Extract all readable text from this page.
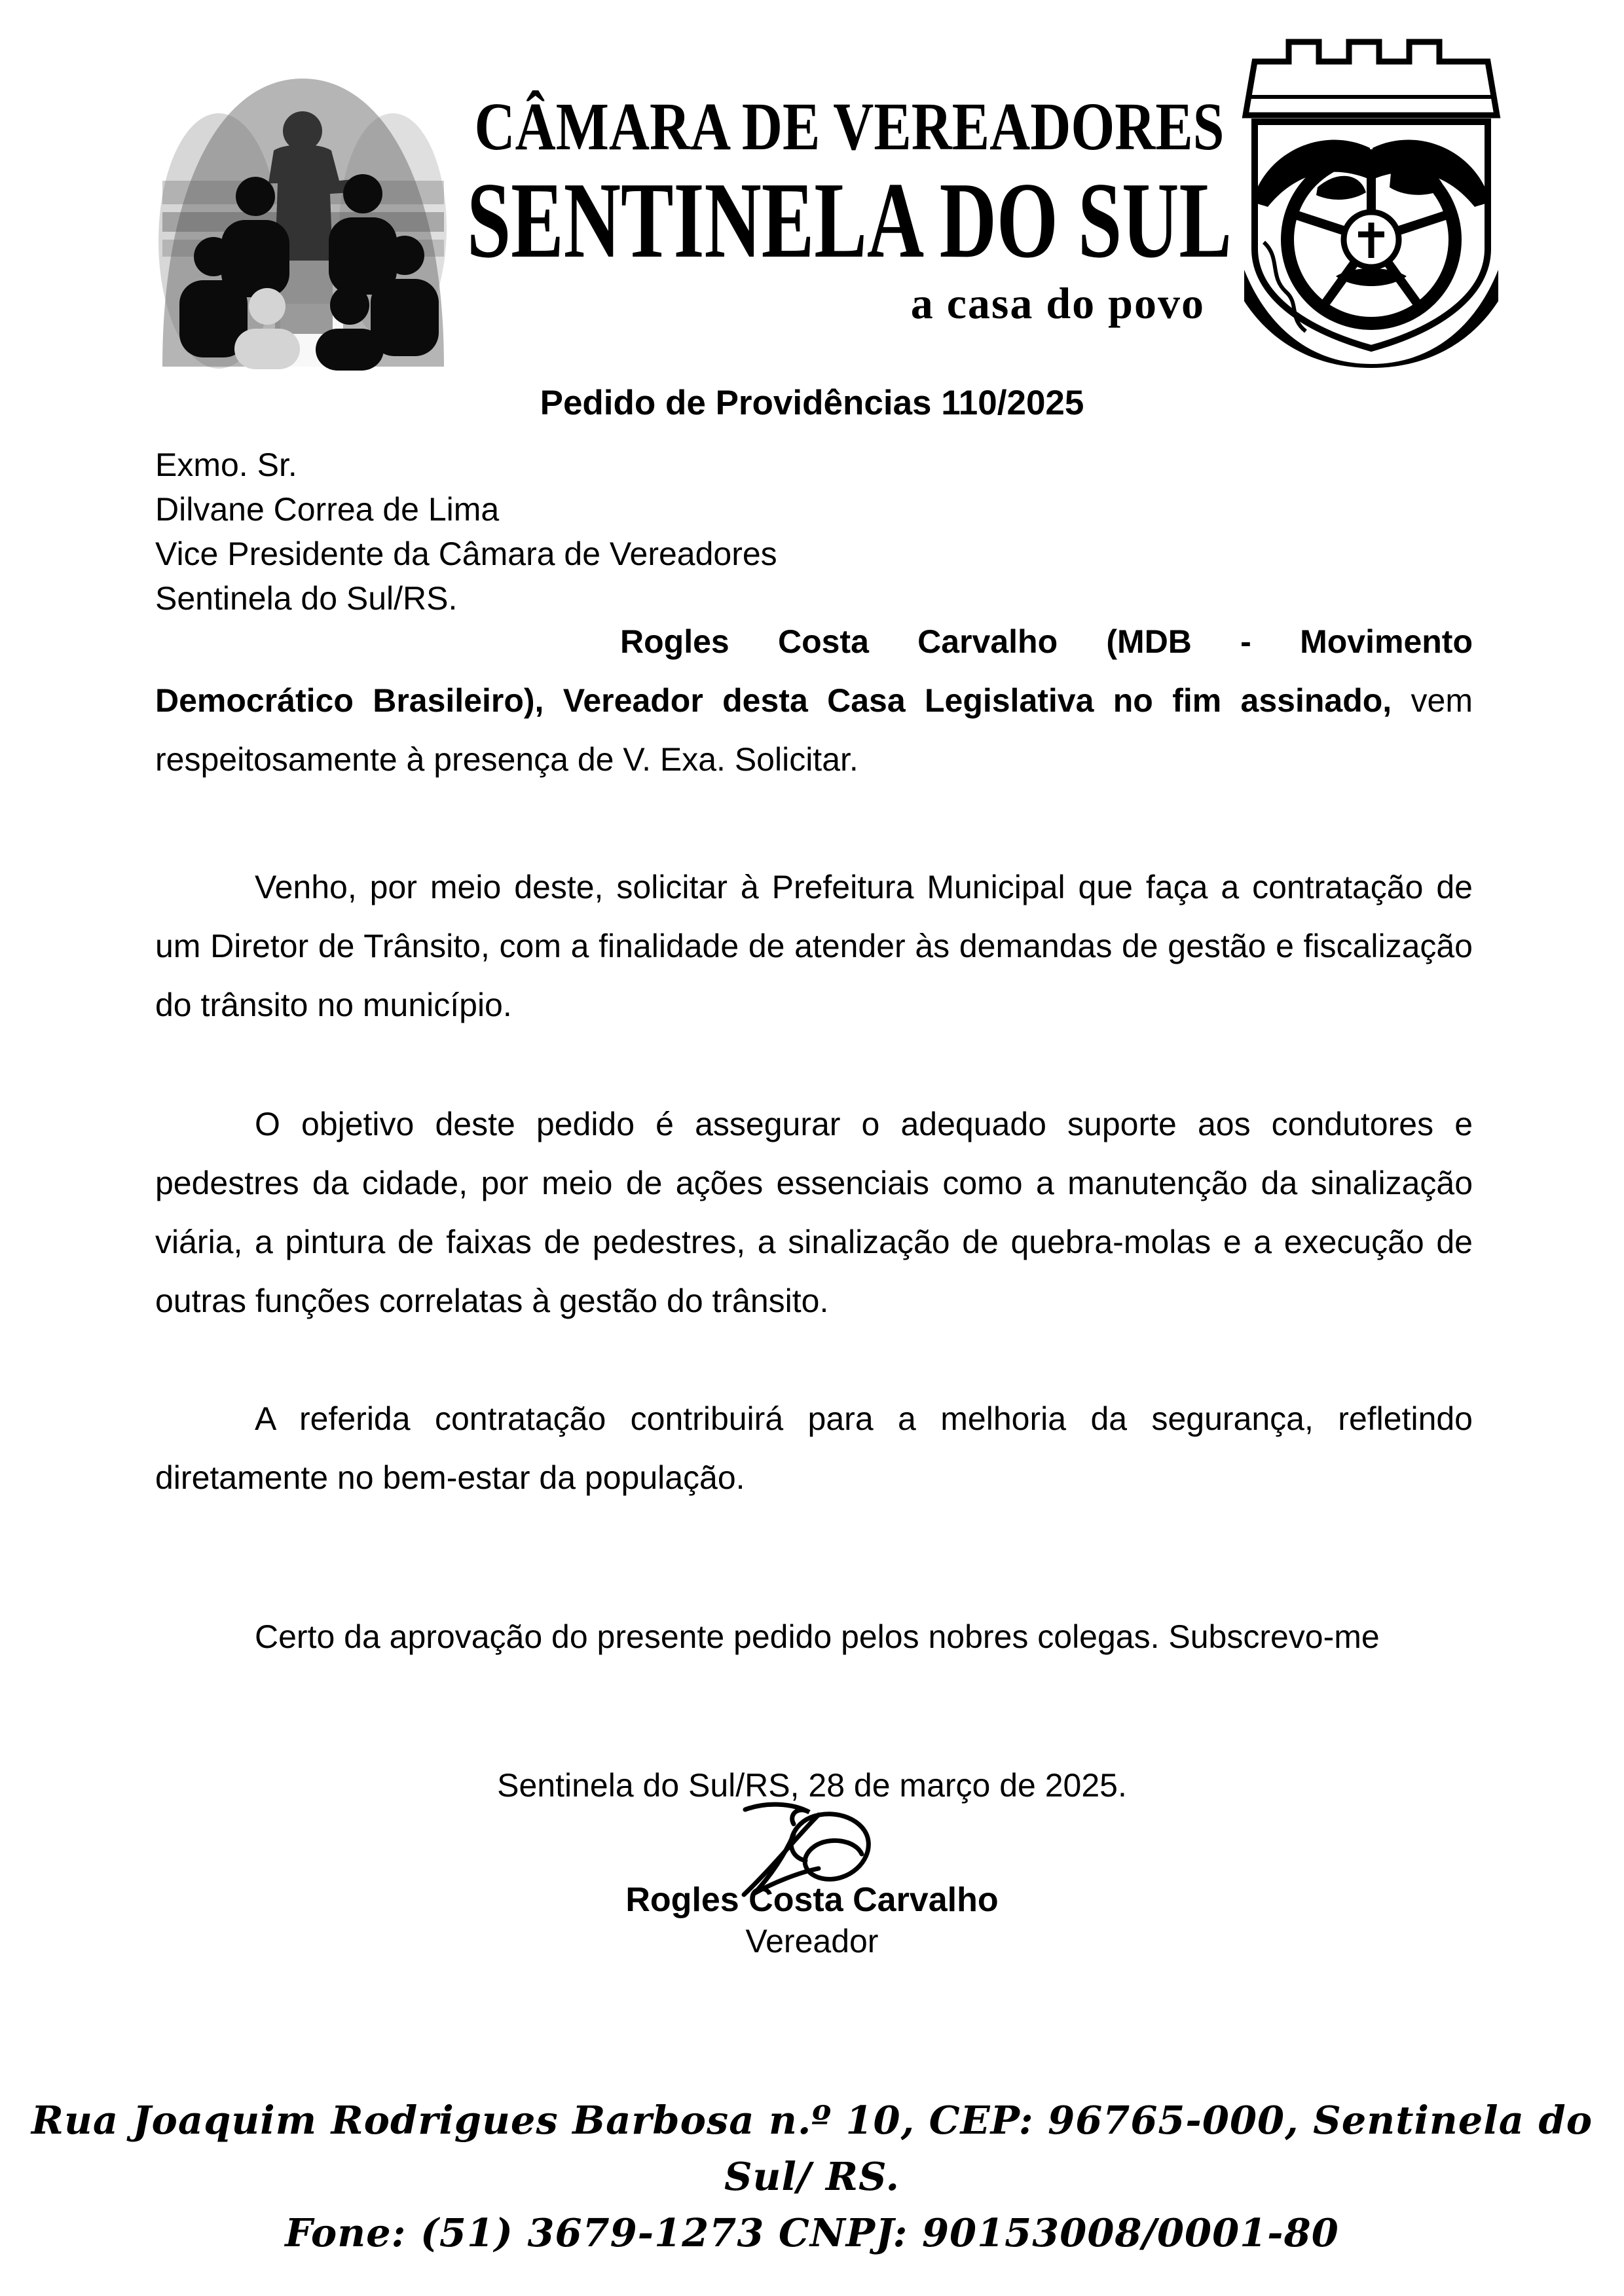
CÂMARA DE VEREADORES
SENTINELA DO SUL
a casa do povo
Pedido de Providências 110/2025
Exmo. Sr.
Dilvane Correa de Lima
Vice Presidente da Câmara de Vereadores
Sentinela do Sul/RS.
Rogles Costa Carvalho (MDB - Movimento Democrático Brasileiro), Vereador desta Casa Legislativa no fim assinado, vem respeitosamente à presença de V. Exa. Solicitar.
Venho, por meio deste, solicitar à Prefeitura Municipal que faça a contratação de um Diretor de Trânsito, com a finalidade de atender às demandas de gestão e fiscalização do trânsito no município.
O objetivo deste pedido é assegurar o adequado suporte aos condutores e pedestres da cidade, por meio de ações essenciais como a manutenção da sinalização viária, a pintura de faixas de pedestres, a sinalização de quebra-molas e a execução de outras funções correlatas à gestão do trânsito.
A referida contratação contribuirá para a melhoria da segurança, refletindo diretamente no bem-estar da população.
Certo da aprovação do presente pedido pelos nobres colegas. Subscrevo-me
Sentinela do Sul/RS, 28 de março de 2025.
Rogles Costa Carvalho
Vereador
Rua Joaquim Rodrigues Barbosa n.º 10, CEP: 96765-000, Sentinela do Sul/ RS.
Fone: (51) 3679-1273 CNPJ: 90153008/0001-80
